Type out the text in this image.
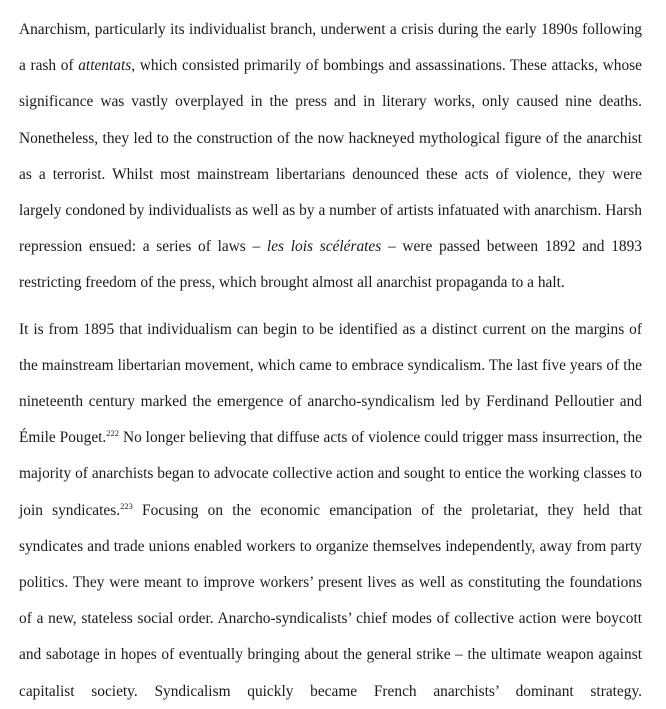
Anarchism, particularly its individualist branch, underwent a crisis during the early 1890s following a rash of attentats, which consisted primarily of bombings and assassinations. These attacks, whose significance was vastly overplayed in the press and in literary works, only caused nine deaths. Nonetheless, they led to the construction of the now hackneyed mythological figure of the anarchist as a terrorist. Whilst most mainstream libertarians denounced these acts of violence, they were largely condoned by individualists as well as by a number of artists infatuated with anarchism. Harsh repression ensued: a series of laws – les lois scélérates – were passed between 1892 and 1893 restricting freedom of the press, which brought almost all anarchist propaganda to a halt.

It is from 1895 that individualism can begin to be identified as a distinct current on the margins of the mainstream libertarian movement, which came to embrace syndicalism. The last five years of the nineteenth century marked the emergence of anarcho-syndicalism led by Ferdinand Pelloutier and Émile Pouget.$^{222}$ No longer believing that diffuse acts of violence could trigger mass insurrection, the majority of anarchists began to advocate collective action and sought to entice the working classes to join syndicates.$^{223}$ Focusing on the economic emancipation of the proletariat, they held that syndicates and trade unions enabled workers to organize themselves independently, away from party politics. They were meant to improve workers’ present lives as well as constituting the foundations of a new, stateless social order. Anarcho-syndicalists’ chief modes of collective action were boycott and sabotage in hopes of eventually bringing about the general strike – the ultimate weapon against capitalist society. Syndicalism quickly became French anarchists’ dominant strategy.
